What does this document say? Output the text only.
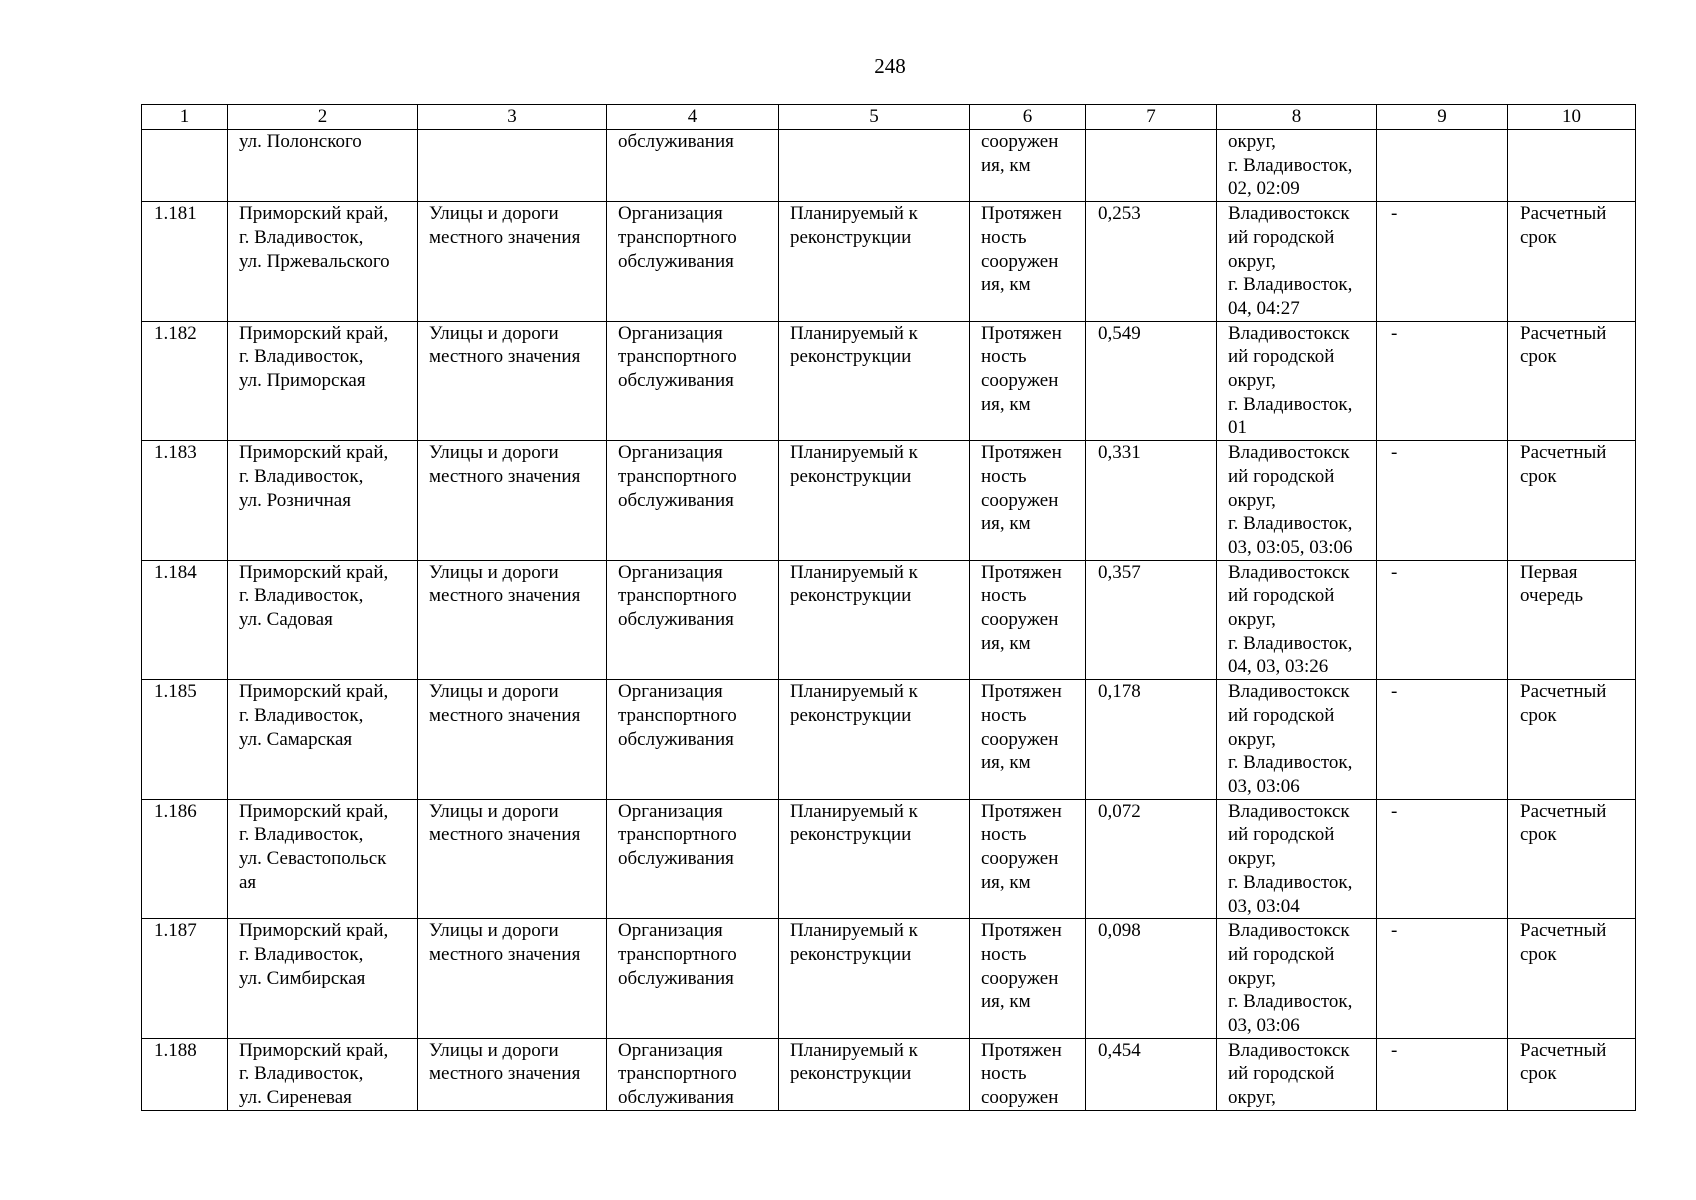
248
1	2	3	4	5	6	7	8	9	10
	ул. Полонского		обслуживания		сооружен
ия, км		округ,
г. Владивосток,
02, 02:09		
1.181	Приморский край,
г. Владивосток,
ул. Пржевальского	Улицы и дороги
местного значения	Организация
транспортного
обслуживания	Планируемый к
реконструкции	Протяжен
ность
сооружен
ия, км	0,253	Владивостокск
ий городской
округ,
г. Владивосток,
04, 04:27	-	Расчетный
срок
1.182	Приморский край,
г. Владивосток,
ул. Приморская	Улицы и дороги
местного значения	Организация
транспортного
обслуживания	Планируемый к
реконструкции	Протяжен
ность
сооружен
ия, км	0,549	Владивостокск
ий городской
округ,
г. Владивосток,
01	-	Расчетный
срок
1.183	Приморский край,
г. Владивосток,
ул. Розничная	Улицы и дороги
местного значения	Организация
транспортного
обслуживания	Планируемый к
реконструкции	Протяжен
ность
сооружен
ия, км	0,331	Владивостокск
ий городской
округ,
г. Владивосток,
03, 03:05, 03:06	-	Расчетный
срок
1.184	Приморский край,
г. Владивосток,
ул. Садовая	Улицы и дороги
местного значения	Организация
транспортного
обслуживания	Планируемый к
реконструкции	Протяжен
ность
сооружен
ия, км	0,357	Владивостокск
ий городской
округ,
г. Владивосток,
04, 03, 03:26	-	Первая
очередь
1.185	Приморский край,
г. Владивосток,
ул. Самарская	Улицы и дороги
местного значения	Организация
транспортного
обслуживания	Планируемый к
реконструкции	Протяжен
ность
сооружен
ия, км	0,178	Владивостокск
ий городской
округ,
г. Владивосток,
03, 03:06	-	Расчетный
срок
1.186	Приморский край,
г. Владивосток,
ул. Севастопольск
ая	Улицы и дороги
местного значения	Организация
транспортного
обслуживания	Планируемый к
реконструкции	Протяжен
ность
сооружен
ия, км	0,072	Владивостокск
ий городской
округ,
г. Владивосток,
03, 03:04	-	Расчетный
срок
1.187	Приморский край,
г. Владивосток,
ул. Симбирская	Улицы и дороги
местного значения	Организация
транспортного
обслуживания	Планируемый к
реконструкции	Протяжен
ность
сооружен
ия, км	0,098	Владивостокск
ий городской
округ,
г. Владивосток,
03, 03:06	-	Расчетный
срок
1.188	Приморский край,
г. Владивосток,
ул. Сиреневая	Улицы и дороги
местного значения	Организация
транспортного
обслуживания	Планируемый к
реконструкции	Протяжен
ность
сооружен	0,454	Владивостокск
ий городской
округ,	-	Расчетный
срок
